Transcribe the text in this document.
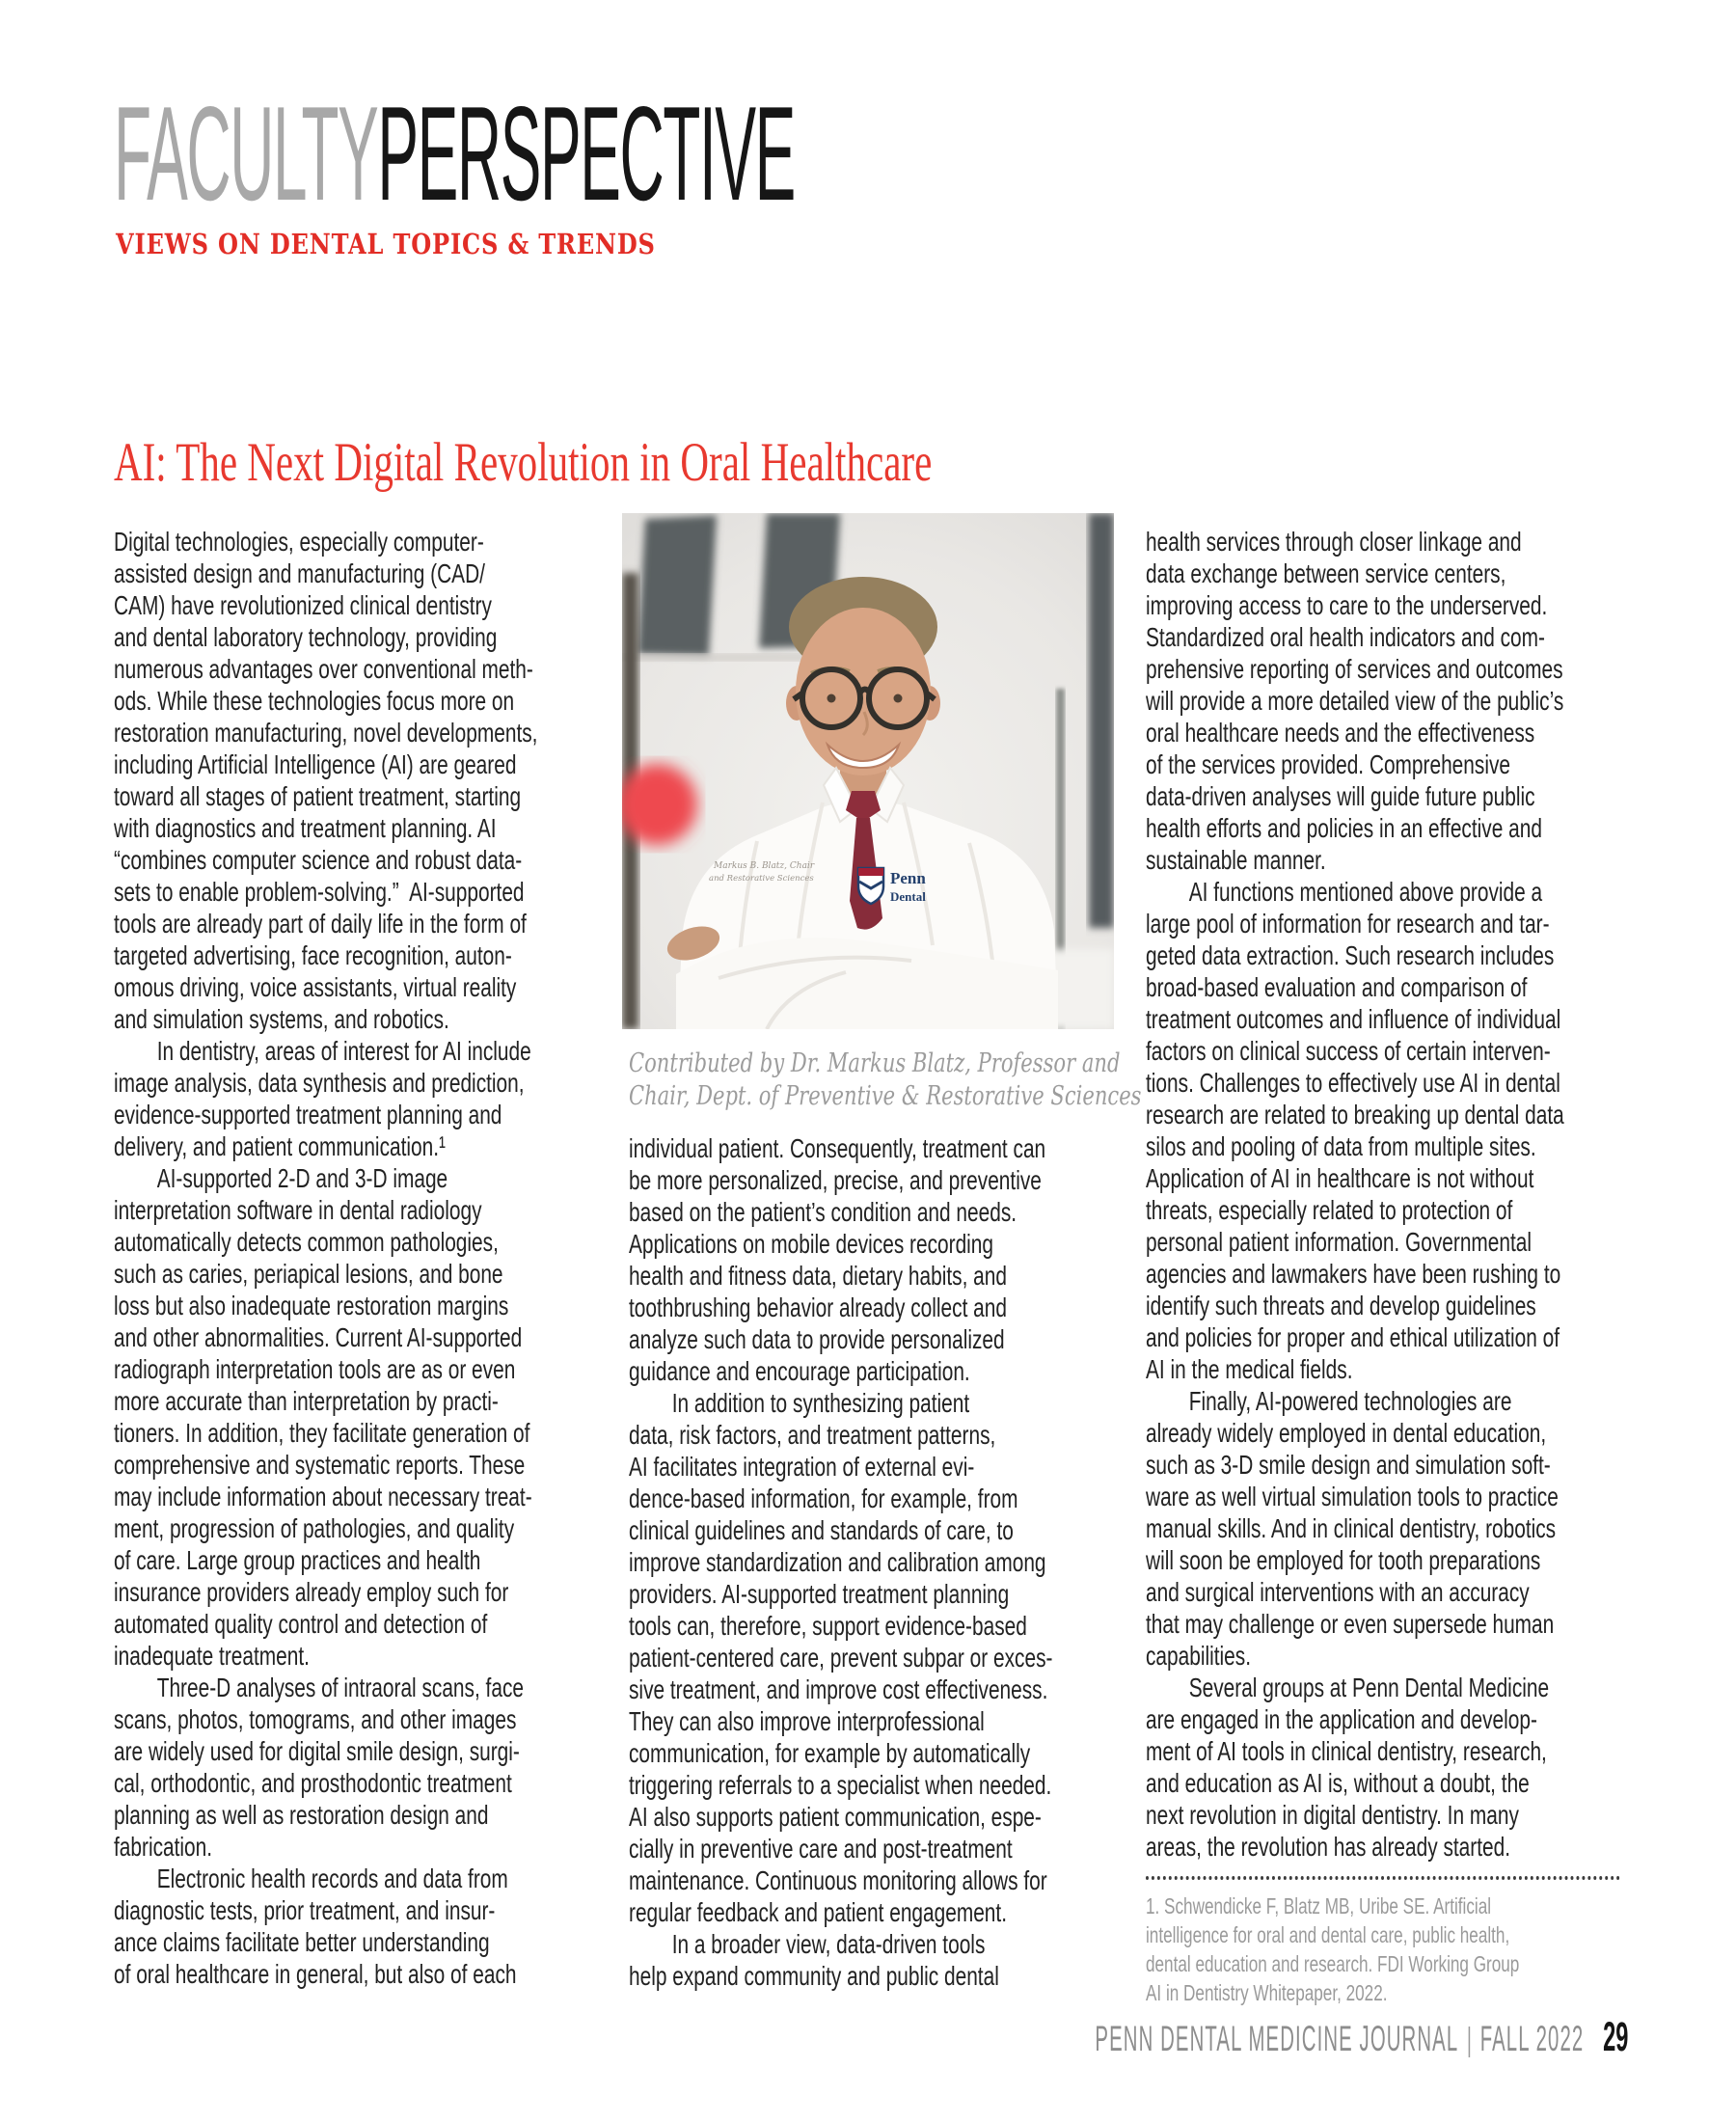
FACULTYPERSPECTIVE
VIEWS ON DENTAL TOPICS & TRENDS
AI: The Next Digital Revolution in Oral Healthcare
Digital technologies, especially computer-
assisted design and manufacturing (CAD/
CAM) have revolutionized clinical dentistry
and dental laboratory technology, providing
numerous advantages over conventional meth-
ods. While these technologies focus more on
restoration manufacturing, novel developments,
including Artificial Intelligence (AI) are geared
toward all stages of patient treatment, starting
with diagnostics and treatment planning. AI
“combines computer science and robust data-
sets to enable problem-solving.” AI-supported
tools are already part of daily life in the form of
targeted advertising, face recognition, auton-
omous driving, voice assistants, virtual reality
and simulation systems, and robotics.
In dentistry, areas of interest for AI include
image analysis, data synthesis and prediction,
evidence-supported treatment planning and
delivery, and patient communication.¹
AI-supported 2-D and 3-D image
interpretation software in dental radiology
automatically detects common pathologies,
such as caries, periapical lesions, and bone
loss but also inadequate restoration margins
and other abnormalities. Current AI-supported
radiograph interpretation tools are as or even
more accurate than interpretation by practi-
tioners. In addition, they facilitate generation of
comprehensive and systematic reports. These
may include information about necessary treat-
ment, progression of pathologies, and quality
of care. Large group practices and health
insurance providers already employ such for
automated quality control and detection of
inadequate treatment.
Three-D analyses of intraoral scans, face
scans, photos, tomograms, and other images
are widely used for digital smile design, surgi-
cal, orthodontic, and prosthodontic treatment
planning as well as restoration design and
fabrication.
Electronic health records and data from
diagnostic tests, prior treatment, and insur-
ance claims facilitate better understanding
of oral healthcare in general, but also of each
Markus B. Blatz, Chair
and Restorative Sciences	Penn
Dental
Contributed by Dr. Markus Blatz, Professor and
Chair, Dept. of Preventive & Restorative Sciences
individual patient. Consequently, treatment can
be more personalized, precise, and preventive
based on the patient’s condition and needs.
Applications on mobile devices recording
health and fitness data, dietary habits, and
toothbrushing behavior already collect and
analyze such data to provide personalized
guidance and encourage participation.
In addition to synthesizing patient
data, risk factors, and treatment patterns,
AI facilitates integration of external evi-
dence-based information, for example, from
clinical guidelines and standards of care, to
improve standardization and calibration among
providers. AI-supported treatment planning
tools can, therefore, support evidence-based
patient-centered care, prevent subpar or exces-
sive treatment, and improve cost effectiveness.
They can also improve interprofessional
communication, for example by automatically
triggering referrals to a specialist when needed.
AI also supports patient communication, espe-
cially in preventive care and post-treatment
maintenance. Continuous monitoring allows for
regular feedback and patient engagement.
In a broader view, data-driven tools
help expand community and public dental
health services through closer linkage and
data exchange between service centers,
improving access to care to the underserved.
Standardized oral health indicators and com-
prehensive reporting of services and outcomes
will provide a more detailed view of the public’s
oral healthcare needs and the effectiveness
of the services provided. Comprehensive
data-driven analyses will guide future public
health efforts and policies in an effective and
sustainable manner.
AI functions mentioned above provide a
large pool of information for research and tar-
geted data extraction. Such research includes
broad-based evaluation and comparison of
treatment outcomes and influence of individual
factors on clinical success of certain interven-
tions. Challenges to effectively use AI in dental
research are related to breaking up dental data
silos and pooling of data from multiple sites.
Application of AI in healthcare is not without
threats, especially related to protection of
personal patient information. Governmental
agencies and lawmakers have been rushing to
identify such threats and develop guidelines
and policies for proper and ethical utilization of
AI in the medical fields.
Finally, AI-powered technologies are
already widely employed in dental education,
such as 3-D smile design and simulation soft-
ware as well virtual simulation tools to practice
manual skills. And in clinical dentistry, robotics
will soon be employed for tooth preparations
and surgical interventions with an accuracy
that may challenge or even supersede human
capabilities.
Several groups at Penn Dental Medicine
are engaged in the application and develop-
ment of AI tools in clinical dentistry, research,
and education as AI is, without a doubt, the
next revolution in digital dentistry. In many
areas, the revolution has already started.
1. Schwendicke F, Blatz MB, Uribe SE. Artificial
intelligence for oral and dental care, public health,
dental education and research. FDI Working Group
AI in Dentistry Whitepaper, 2022.
PENN DENTAL MEDICINE JOURNAL | FALL 2022 29
